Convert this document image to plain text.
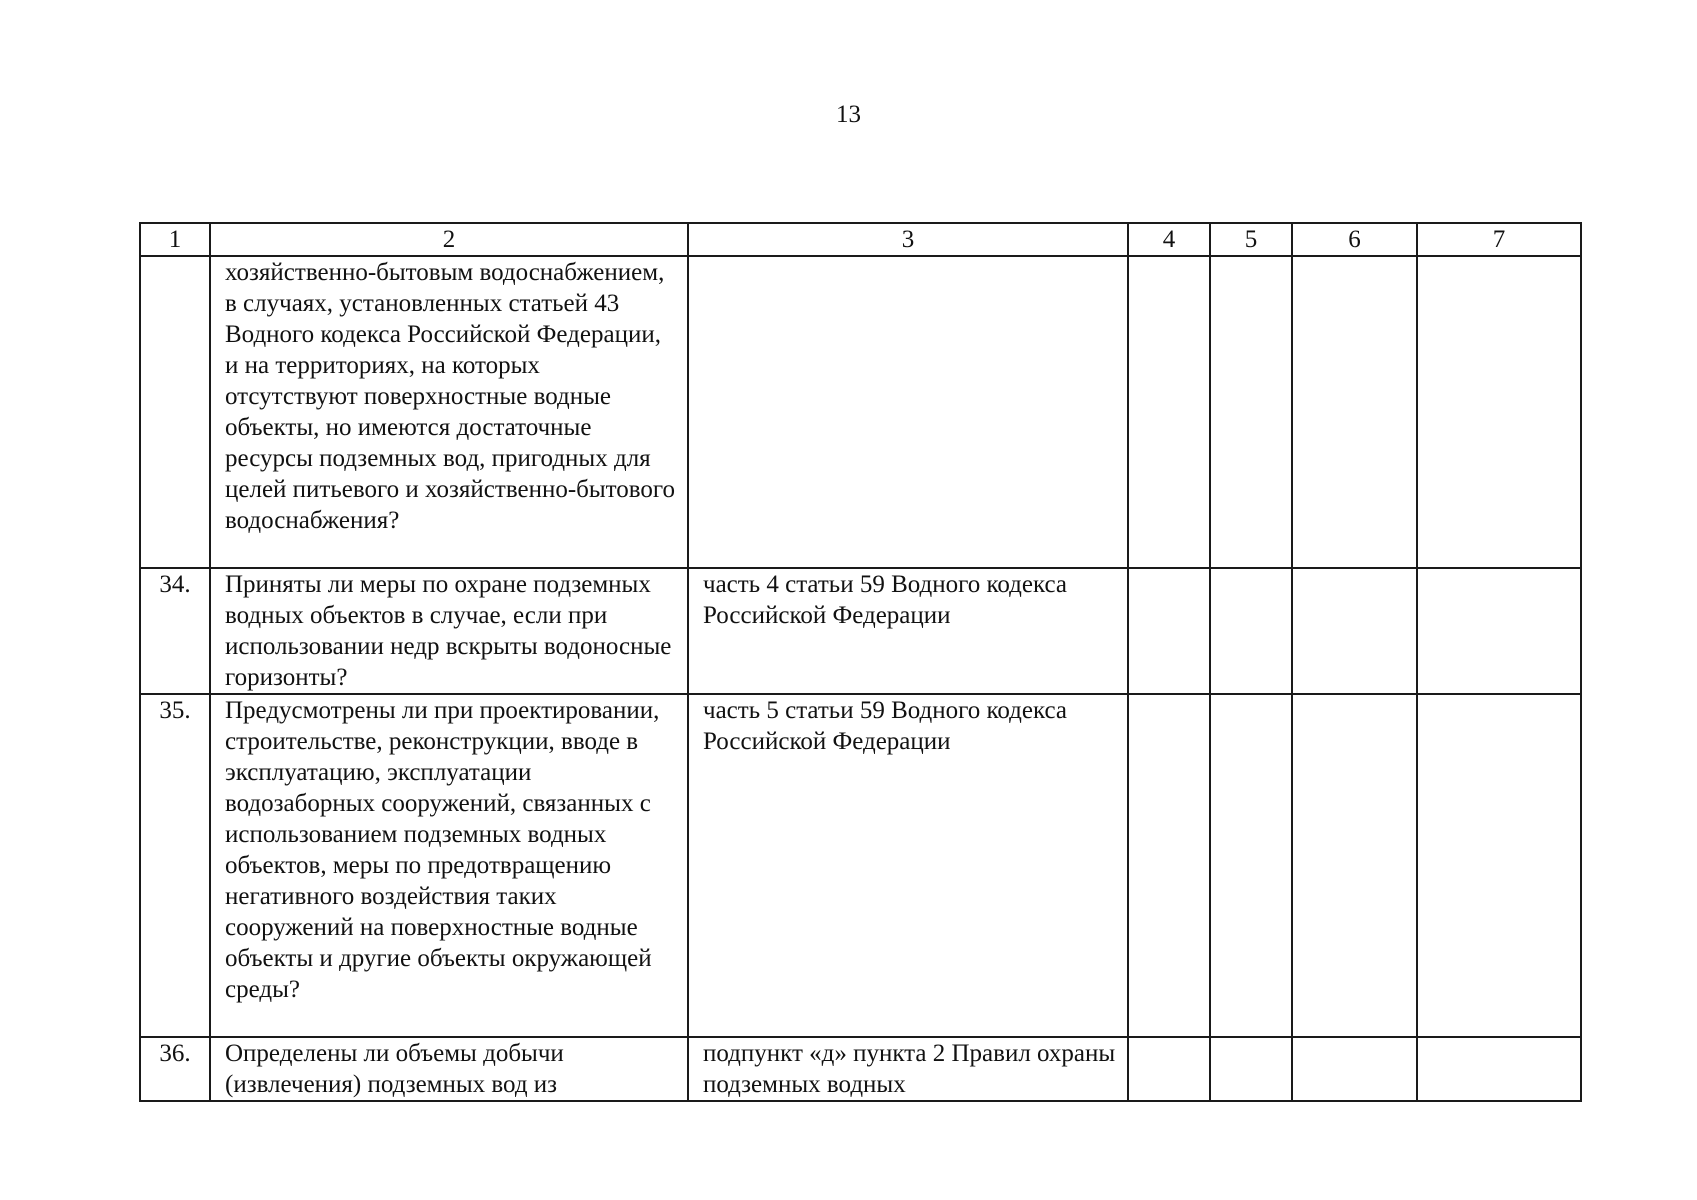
13
1	2	3	4	5	6	7
	хозяйственно-бытовым водоснабжением, в случаях, установленных статьей 43 Водного кодекса Российской Федерации, и на территориях, на которых отсутствуют поверхностные водные объекты, но имеются достаточные ресурсы подземных вод, пригодных для целей питьевого и хозяйственно-бытового водоснабжения?					
34.	Приняты ли меры по охране подземных водных объектов в случае, если при использовании недр вскрыты водоносные горизонты?	часть 4 статьи 59 Водного кодекса Российской Федерации				
35.	Предусмотрены ли при проектировании, строительстве, реконструкции, вводе в эксплуатацию, эксплуатации водозаборных сооружений, связанных с использованием подземных водных объектов, меры по предотвращению негативного воздействия таких сооружений на поверхностные водные объекты и другие объекты окружающей среды?	часть 5 статьи 59 Водного кодекса Российской Федерации				
36.	Определены ли объемы добычи (извлечения) подземных вод из	подпункт «д» пункта 2 Правил охраны подземных водных				
